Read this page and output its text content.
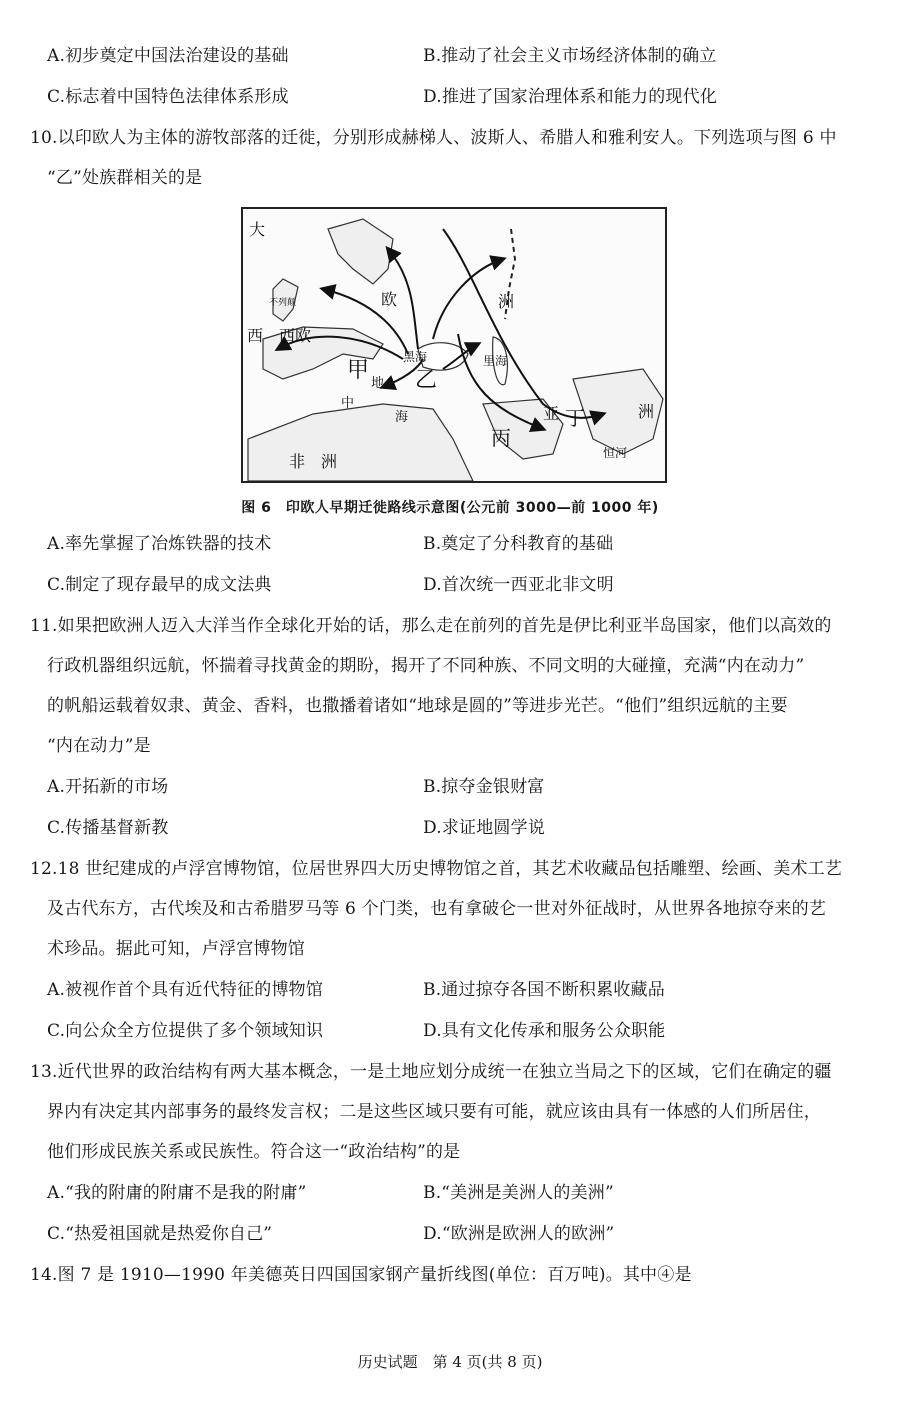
A.初步奠定中国法治建设的基础	B.推动了社会主义市场经济体制的确立
C.标志着中国特色法律体系形成	D.推进了国家治理体系和能力的现代化
10.以印欧人为主体的游牧部落的迁徙，分别形成赫梯人、波斯人、希腊人和雅利安人。下列选项与图 6 中
“乙”处族群相关的是
大
西 西欧
不列颠	欧	洲
甲 乙
丙
丁
黑海	里海
中
地
海	亚	洲
非　洲	恒河
图 6　印欧人早期迁徙路线示意图(公元前 3000—前 1000 年)
A.率先掌握了冶炼铁器的技术	B.奠定了分科教育的基础
C.制定了现存最早的成文法典	D.首次统一西亚北非文明
11.如果把欧洲人迈入大洋当作全球化开始的话，那么走在前列的首先是伊比利亚半岛国家，他们以高效的
行政机器组织远航，怀揣着寻找黄金的期盼，揭开了不同种族、不同文明的大碰撞，充满“内在动力”
的帆船运载着奴隶、黄金、香料，也撒播着诸如“地球是圆的”等进步光芒。“他们”组织远航的主要
“内在动力”是
A.开拓新的市场	B.掠夺金银财富
C.传播基督新教	D.求证地圆学说
12.18 世纪建成的卢浮宫博物馆，位居世界四大历史博物馆之首，其艺术收藏品包括雕塑、绘画、美术工艺
及古代东方，古代埃及和古希腊罗马等 6 个门类，也有拿破仑一世对外征战时，从世界各地掠夺来的艺
术珍品。据此可知，卢浮宫博物馆
A.被视作首个具有近代特征的博物馆	B.通过掠夺各国不断积累收藏品
C.向公众全方位提供了多个领域知识	D.具有文化传承和服务公众职能
13.近代世界的政治结构有两大基本概念，一是土地应划分成统一在独立当局之下的区域，它们在确定的疆
界内有决定其内部事务的最终发言权；二是这些区域只要有可能，就应该由具有一体感的人们所居住，
他们形成民族关系或民族性。符合这一“政治结构”的是
A.“我的附庸的附庸不是我的附庸”	B.“美洲是美洲人的美洲”
C.“热爱祖国就是热爱你自己”	D.“欧洲是欧洲人的欧洲”
14.图 7 是 1910—1990 年美德英日四国国家钢产量折线图(单位：百万吨)。其中④是
历史试题　第 4 页(共 8 页)
